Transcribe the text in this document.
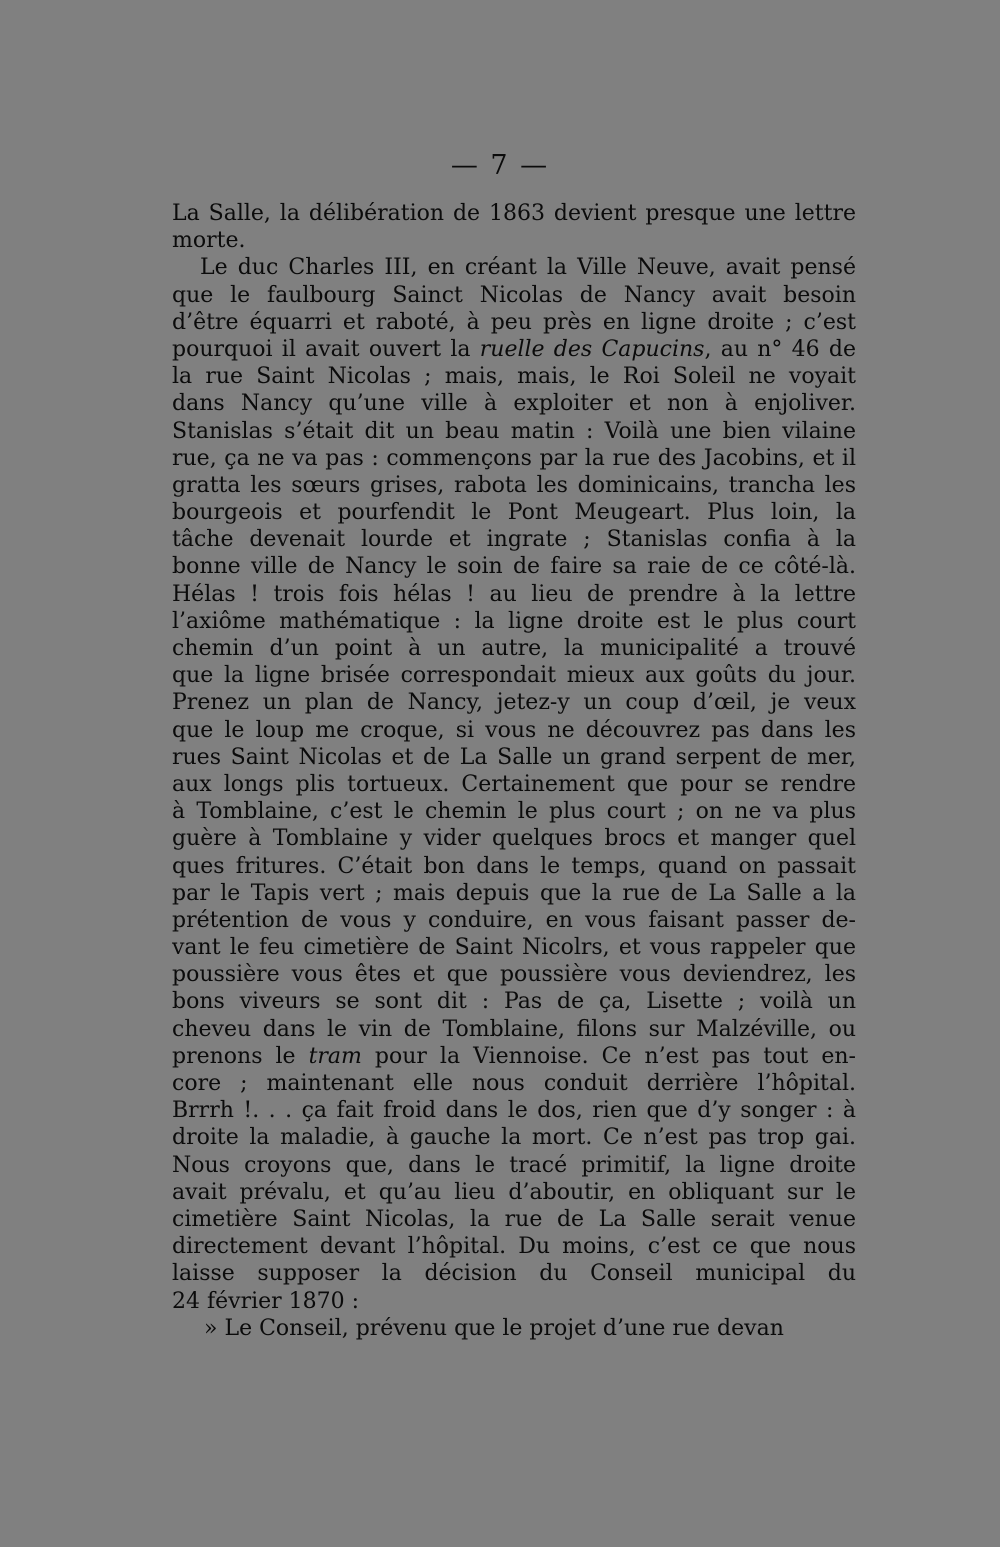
— 7 —
La Salle, la délibération de 1863 devient presque une lettre
morte.
Le duc Charles III, en créant la Ville Neuve, avait pensé
que le faulbourg Sainct Nicolas de Nancy avait besoin
d’être équarri et raboté, à peu près en ligne droite ; c’est
pourquoi il avait ouvert la ruelle des Capucins, au n° 46 de
la rue Saint Nicolas ; mais, mais, le Roi Soleil ne voyait
dans Nancy qu’une ville à exploiter et non à enjoliver.
Stanislas s’était dit un beau matin : Voilà une bien vilaine
rue, ça ne va pas : commençons par la rue des Jacobins, et il
gratta les sœurs grises, rabota les dominicains, trancha les
bourgeois et pourfendit le Pont Meugeart. Plus loin, la
tâche devenait lourde et ingrate ; Stanislas confia à la
bonne ville de Nancy le soin de faire sa raie de ce côté-là.
Hélas ! trois fois hélas ! au lieu de prendre à la lettre
l’axiôme mathématique : la ligne droite est le plus court
chemin d’un point à un autre, la municipalité a trouvé
que la ligne brisée correspondait mieux aux goûts du jour.
Prenez un plan de Nancy, jetez-y un coup d’œil, je veux
que le loup me croque, si vous ne découvrez pas dans les
rues Saint Nicolas et de La Salle un grand serpent de mer,
aux longs plis tortueux. Certainement que pour se rendre
à Tomblaine, c’est le chemin le plus court ; on ne va plus
guère à Tomblaine y vider quelques brocs et manger quel
ques fritures. C’était bon dans le temps, quand on passait
par le Tapis vert ; mais depuis que la rue de La Salle a la
prétention de vous y conduire, en vous faisant passer de-
vant le feu cimetière de Saint Nicolrs, et vous rappeler que
poussière vous êtes et que poussière vous deviendrez, les
bons viveurs se sont dit : Pas de ça, Lisette ; voilà un
cheveu dans le vin de Tomblaine, filons sur Malzéville, ou
prenons le tram pour la Viennoise. Ce n’est pas tout en-
core ; maintenant elle nous conduit derrière l’hôpital.
Brrrh !. . . ça fait froid dans le dos, rien que d’y songer : à
droite la maladie, à gauche la mort. Ce n’est pas trop gai.
Nous croyons que, dans le tracé primitif, la ligne droite
avait prévalu, et qu’au lieu d’aboutir, en obliquant sur le
cimetière Saint Nicolas, la rue de La Salle serait venue
directement devant l’hôpital. Du moins, c’est ce que nous
laisse supposer la décision du Conseil municipal du
24 février 1870 :
» Le Conseil, prévenu que le projet d’une rue devan
